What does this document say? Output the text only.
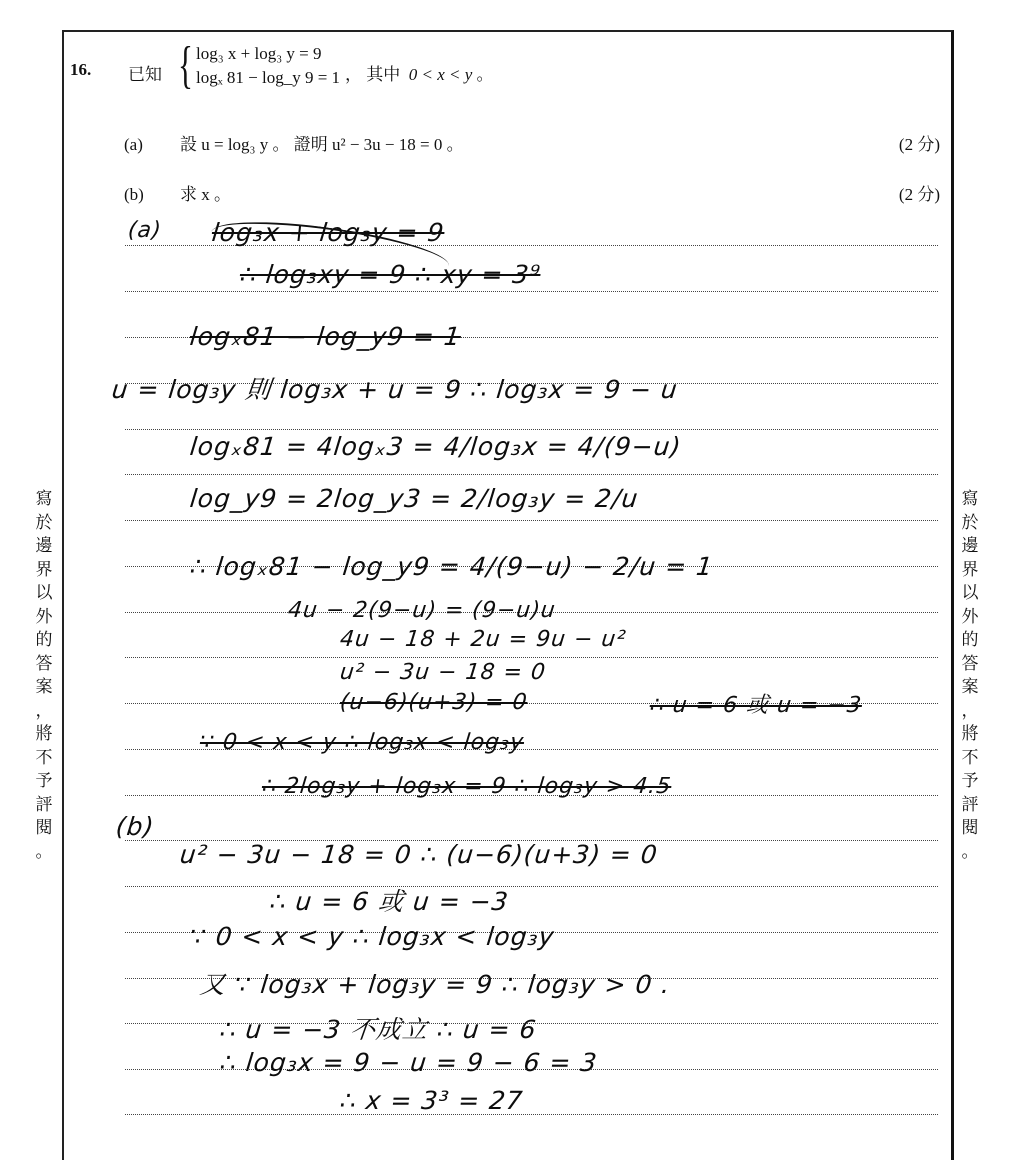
16. 已知 { log₃ x + log₃ y = 9
logₓ 81 − log_y 9 = 1 ， 其中 0 < x < y 。
(a) 設 u = log₃ y 。 證明 u² − 3u − 18 = 0 。	(2 分)
(b) 求 x 。	(2 分)
寫
於
邊
界
以
外
的
答
案
，
將
不
予
評
閱
。
寫
於
邊
界
以
外
的
答
案
，
將
不
予
評
閱
。
(a) log₃x + log₃y = 9
∴ log₃xy = 9 ∴ xy = 3⁹
logₓ81 − log_y9 = 1
u = log₃y 則 log₃x + u = 9 ∴ log₃x = 9 − u
logₓ81 = 4logₓ3 = 4/log₃x = 4/(9−u)
log_y9 = 2log_y3 = 2/log₃y = 2/u
∴ logₓ81 − log_y9 = 4/(9−u) − 2/u = 1
4u − 2(9−u) = (9−u)u
4u − 18 + 2u = 9u − u²
u² − 3u − 18 = 0
(u−6)(u+3) = 0	∴ u = 6 或 u = −3
∵ 0 < x < y ∴ log₃x < log₃y
∴ 2log₃y + log₃x = 9 ∴ log₃y > 4.5
(b)
u² − 3u − 18 = 0 ∴ (u−6)(u+3) = 0
∴ u = 6 或 u = −3
∵ 0 < x < y ∴ log₃x < log₃y
又 ∵ log₃x + log₃y = 9 ∴ log₃y > 0 .
∴ u = −3 不成立 ∴ u = 6
∴ log₃x = 9 − u = 9 − 6 = 3
∴ x = 3³ = 27
